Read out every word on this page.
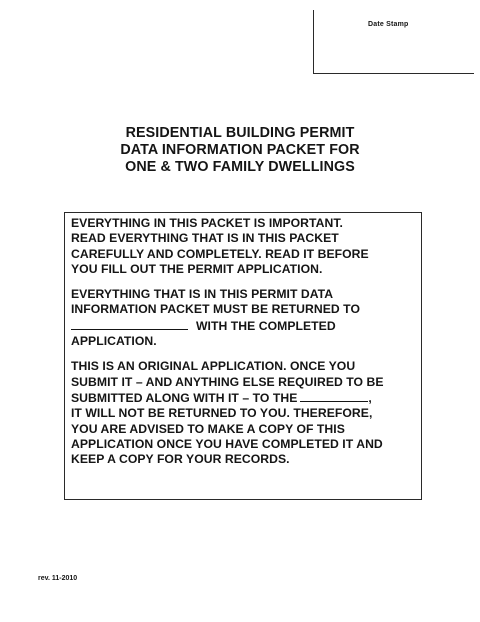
Date Stamp
RESIDENTIAL BUILDING PERMIT
DATA INFORMATION PACKET FOR
ONE & TWO FAMILY DWELLINGS
EVERYTHING IN THIS PACKET IS IMPORTANT.
READ EVERYTHING THAT IS IN THIS PACKET
CAREFULLY AND COMPLETELY. READ IT BEFORE
YOU FILL OUT THE PERMIT APPLICATION.
EVERYTHING THAT IS IN THIS PERMIT DATA
INFORMATION PACKET MUST BE RETURNED TO
WITH THE COMPLETED
APPLICATION.
THIS IS AN ORIGINAL APPLICATION. ONCE YOU
SUBMIT IT – AND ANYTHING ELSE REQUIRED TO BE
SUBMITTED ALONG WITH IT – TO THE	,
IT WILL NOT BE RETURNED TO YOU. THEREFORE,
YOU ARE ADVISED TO MAKE A COPY OF THIS
APPLICATION ONCE YOU HAVE COMPLETED IT AND
KEEP A COPY FOR YOUR RECORDS.
rev. 11-2010
